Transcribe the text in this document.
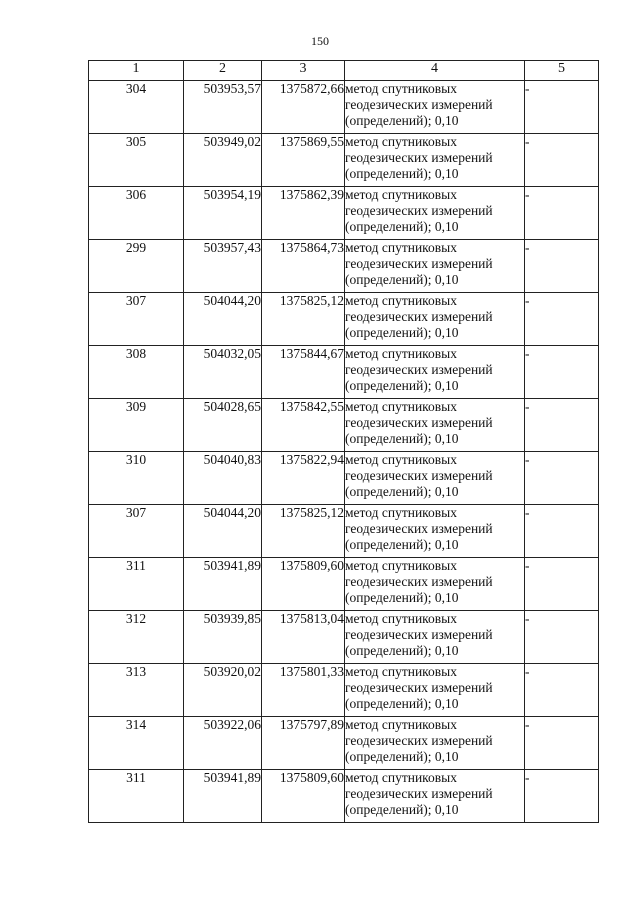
150
1	2	3	4	5
304	503953,57	1375872,66	метод спутниковых
геодезических измерений
(определений); 0,10	-
305	503949,02	1375869,55	метод спутниковых
геодезических измерений
(определений); 0,10	-
306	503954,19	1375862,39	метод спутниковых
геодезических измерений
(определений); 0,10	-
299	503957,43	1375864,73	метод спутниковых
геодезических измерений
(определений); 0,10	-
307	504044,20	1375825,12	метод спутниковых
геодезических измерений
(определений); 0,10	-
308	504032,05	1375844,67	метод спутниковых
геодезических измерений
(определений); 0,10	-
309	504028,65	1375842,55	метод спутниковых
геодезических измерений
(определений); 0,10	-
310	504040,83	1375822,94	метод спутниковых
геодезических измерений
(определений); 0,10	-
307	504044,20	1375825,12	метод спутниковых
геодезических измерений
(определений); 0,10	-
311	503941,89	1375809,60	метод спутниковых
геодезических измерений
(определений); 0,10	-
312	503939,85	1375813,04	метод спутниковых
геодезических измерений
(определений); 0,10	-
313	503920,02	1375801,33	метод спутниковых
геодезических измерений
(определений); 0,10	-
314	503922,06	1375797,89	метод спутниковых
геодезических измерений
(определений); 0,10	-
311	503941,89	1375809,60	метод спутниковых
геодезических измерений
(определений); 0,10	-
